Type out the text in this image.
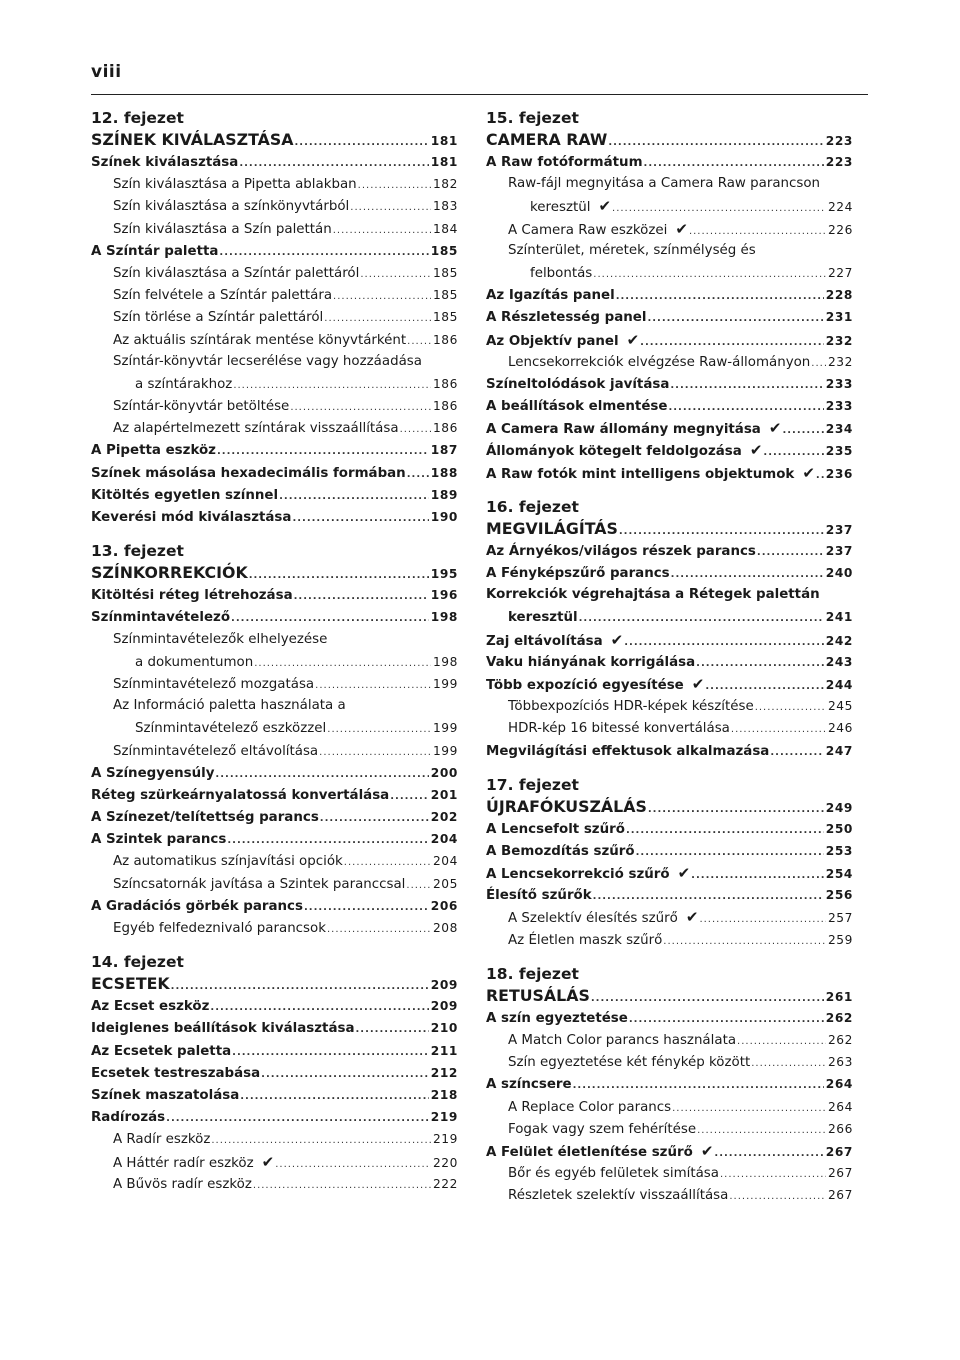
viii
12. fejezet
SZÍNEK KIVÁLASZTÁSA .....	181
Színek kiválasztása .....	181
Szín kiválasztása a Pipetta ablakban .....	182
Szín kiválasztása a színkönyvtárból .....	183
Szín kiválasztása a Szín palettán .....	184
A Színtár paletta .....	185
Szín kiválasztása a Színtár palettáról .....	185
Szín felvétele a Színtár palettára .....	185
Szín törlése a Színtár palettáról .....	185
Az aktuális színtárak mentése könyvtárként ..... 186
Színtár-könyvtár lecserélése vagy hozzáadása
a színtárakhoz .....	186
Színtár-könyvtár betöltése .....	186
Az alapértelmezett színtárak visszaállítása .....	186
A Pipetta eszköz .....	187
Színek másolása hexadecimális formában ..... 188
Kitöltés egyetlen színnel .....	189
Keverési mód kiválasztása .....	190
13. fejezet
SZÍNKORREKCIÓK .....	195
Kitöltési réteg létrehozása .....	196
Színmintavételező .....	198
Színmintavételezők elhelyezése
a dokumentumon .....	198
Színmintavételező mozgatása .....	199
Az Információ paletta használata a
Színmintavételező eszközzel .....	199
Színmintavételező eltávolítása .....	199
A Színegyensúly .....	200
Réteg szürkeárnyalatossá konvertálása .....	201
A Színezet/telítettség parancs .....	202
A Szintek parancs .....	204
Az automatikus színjavítási opciók .....	204
Színcsatornák javítása a Szintek paranccsal ..... 205
A Gradációs görbék parancs .....	206
Egyéb felfedeznivaló parancsok .....	208
14. fejezet
ECSETEK .....	209
Az Ecset eszköz .....	209
Ideiglenes beállítások kiválasztása .....	210
Az Ecsetek paletta .....	211
Ecsetek testreszabása .....	212
Színek maszatolása .....	218
Radírozás .....	219
A Radír eszköz .....	219
A Háttér radír eszköz ✔ .....	220
A Bűvös radír eszköz .....	222
15. fejezet
CAMERA RAW .....	223
A Raw fotóformátum .....	223
Raw-fájl megnyitása a Camera Raw parancson
keresztül ✔ .....	224
A Camera Raw eszközei ✔ .....	226
Színterület, méretek, színmélység és
felbontás .....	227
Az Igazítás panel .....	228
A Részletesség panel .....	231
Az Objektív panel ✔ .....	232
Lencsekorrekciók elvégzése Raw-állományon ..... 232
Színeltolódások javítása .....	233
A beállítások elmentése .....	233
A Camera Raw állomány megnyitása ✔ .....	234
Állományok kötegelt feldolgozása ✔ .....	235
A Raw fotók mint intelligens objektumok ✔ ..... 236
16. fejezet
MEGVILÁGÍTÁS .....	237
Az Árnyékos/világos részek parancs .....	237
A Fényképszűrő parancs .....	240
Korrekciók végrehajtása a Rétegek palettán
keresztül .....	241
Zaj eltávolítása ✔ .....	242
Vaku hiányának korrigálása .....	243
Több expozíció egyesítése ✔ .....	244
Többexpozíciós HDR-képek készítése .....	245
HDR-kép 16 bitessé konvertálása .....	246
Megvilágítási effektusok alkalmazása .....	247
17. fejezet
ÚJRAFÓKUSZÁLÁS .....	249
A Lencsefolt szűrő .....	250
A Bemozdítás szűrő .....	253
A Lencsekorrekció szűrő ✔ .....	254
Élesítő szűrők .....	256
A Szelektív élesítés szűrő ✔ .....	257
Az Életlen maszk szűrő .....	259
18. fejezet
RETUSÁLÁS .....	261
A szín egyeztetése .....	262
A Match Color parancs használata .....	262
Szín egyeztetése két fénykép között .....	263
A színcsere .....	264
A Replace Color parancs .....	264
Fogak vagy szem fehérítése .....	266
A Felület életlenítése szűrő ✔ .....	267
Bőr és egyéb felületek simítása .....	267
Részletek szelektív visszaállítása .....	267
